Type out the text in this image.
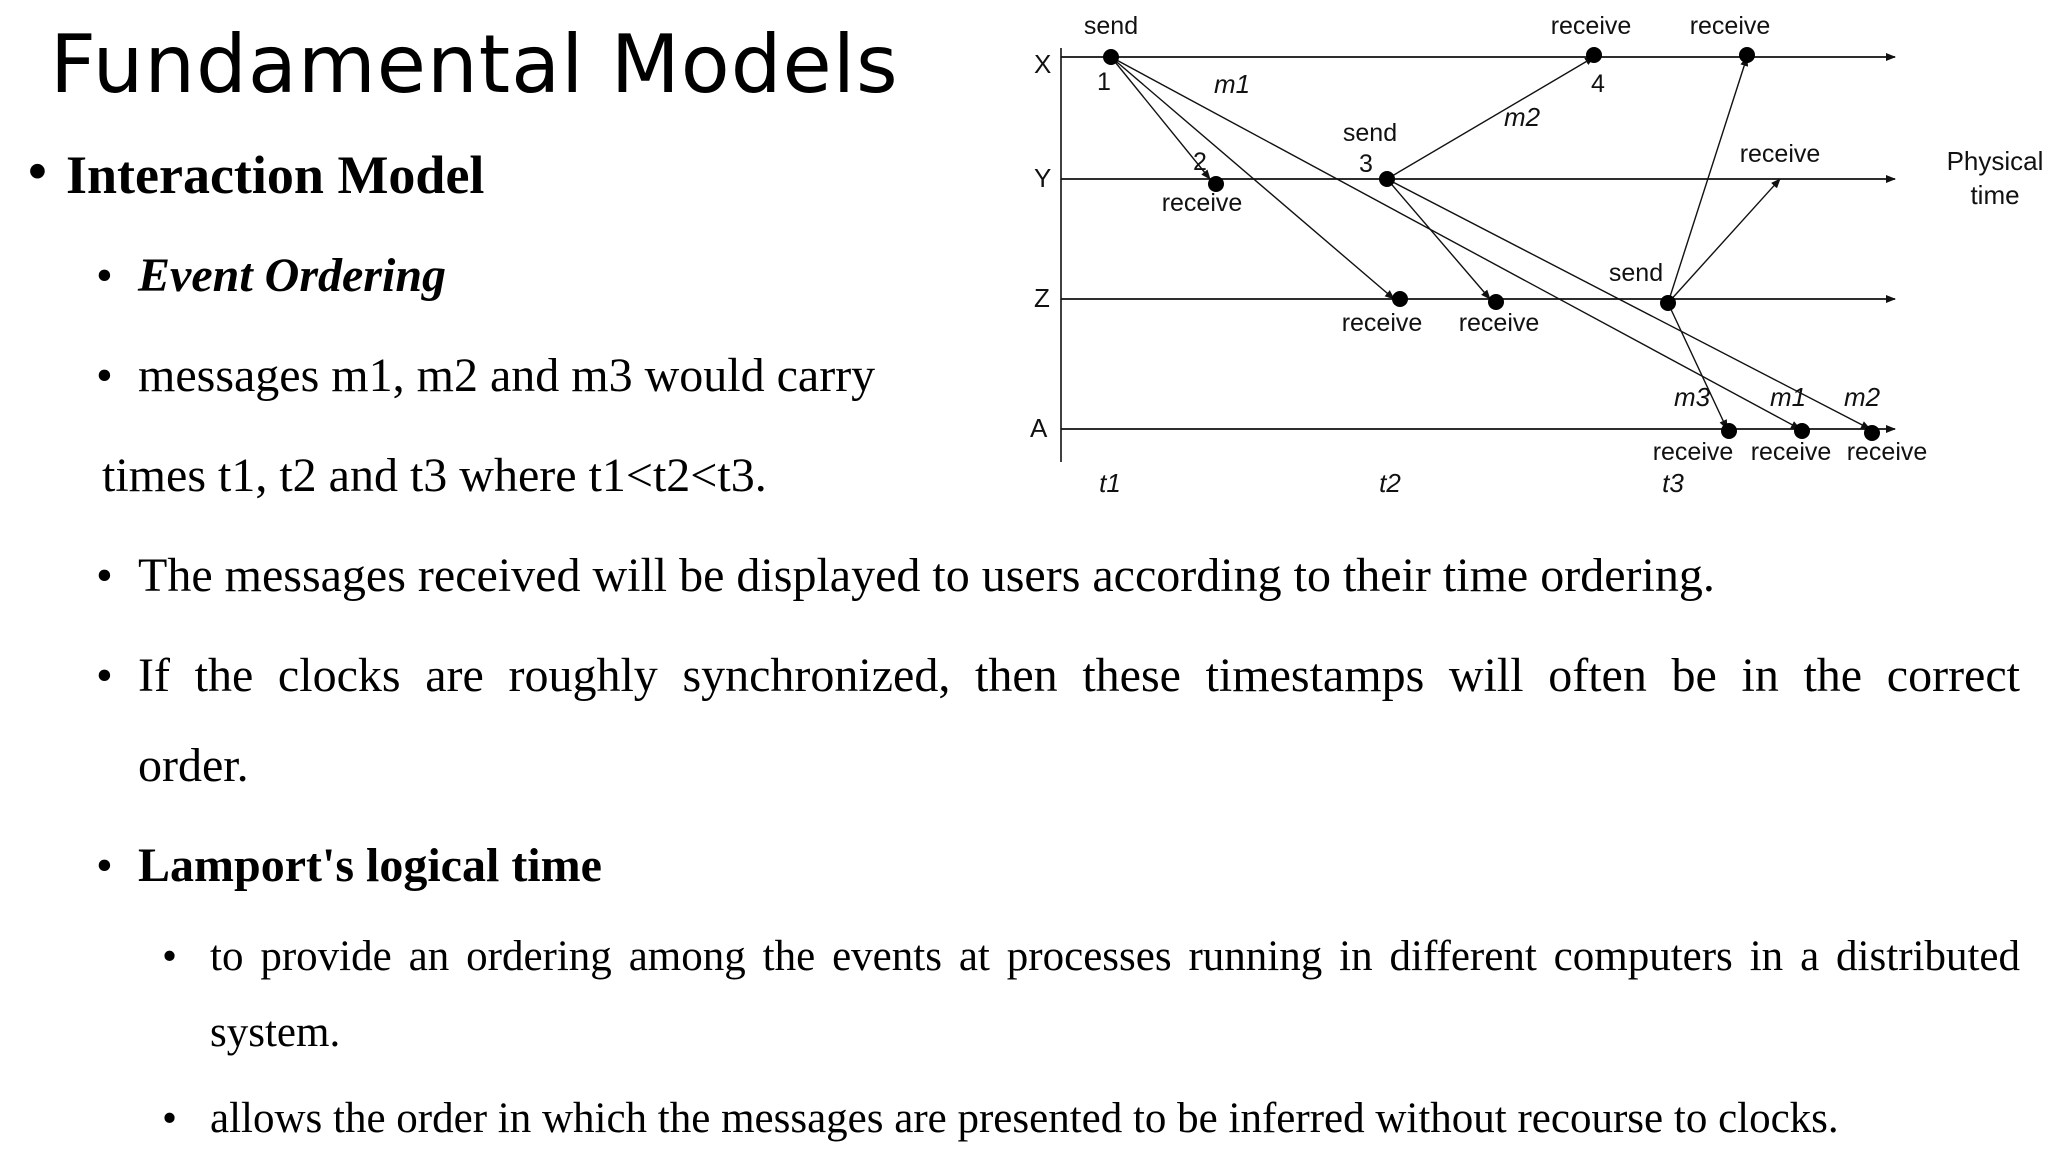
Fundamental Models
• Interaction Model
• Event Ordering
• messages m1, m2 and m3 would carry
times t1, t2 and t3 where t1<t2<t3.
• The messages received will be displayed to users according to their time ordering.
• If the clocks are roughly synchronized, then these timestamps will often be in the correct
order.
• Lamport's logical time
• to provide an ordering among the events at processes running in different computers in a distributed
system.
• allows the order in which the messages are presented to be inferred without recourse to clocks.
X
Y
Z
A
Physical
time
send
1
receive
4
receive
2
receive
send
3	receive
receive receive
send
receive receive receive
m1
m2
m3 m1 m2
t1	t2	t3
